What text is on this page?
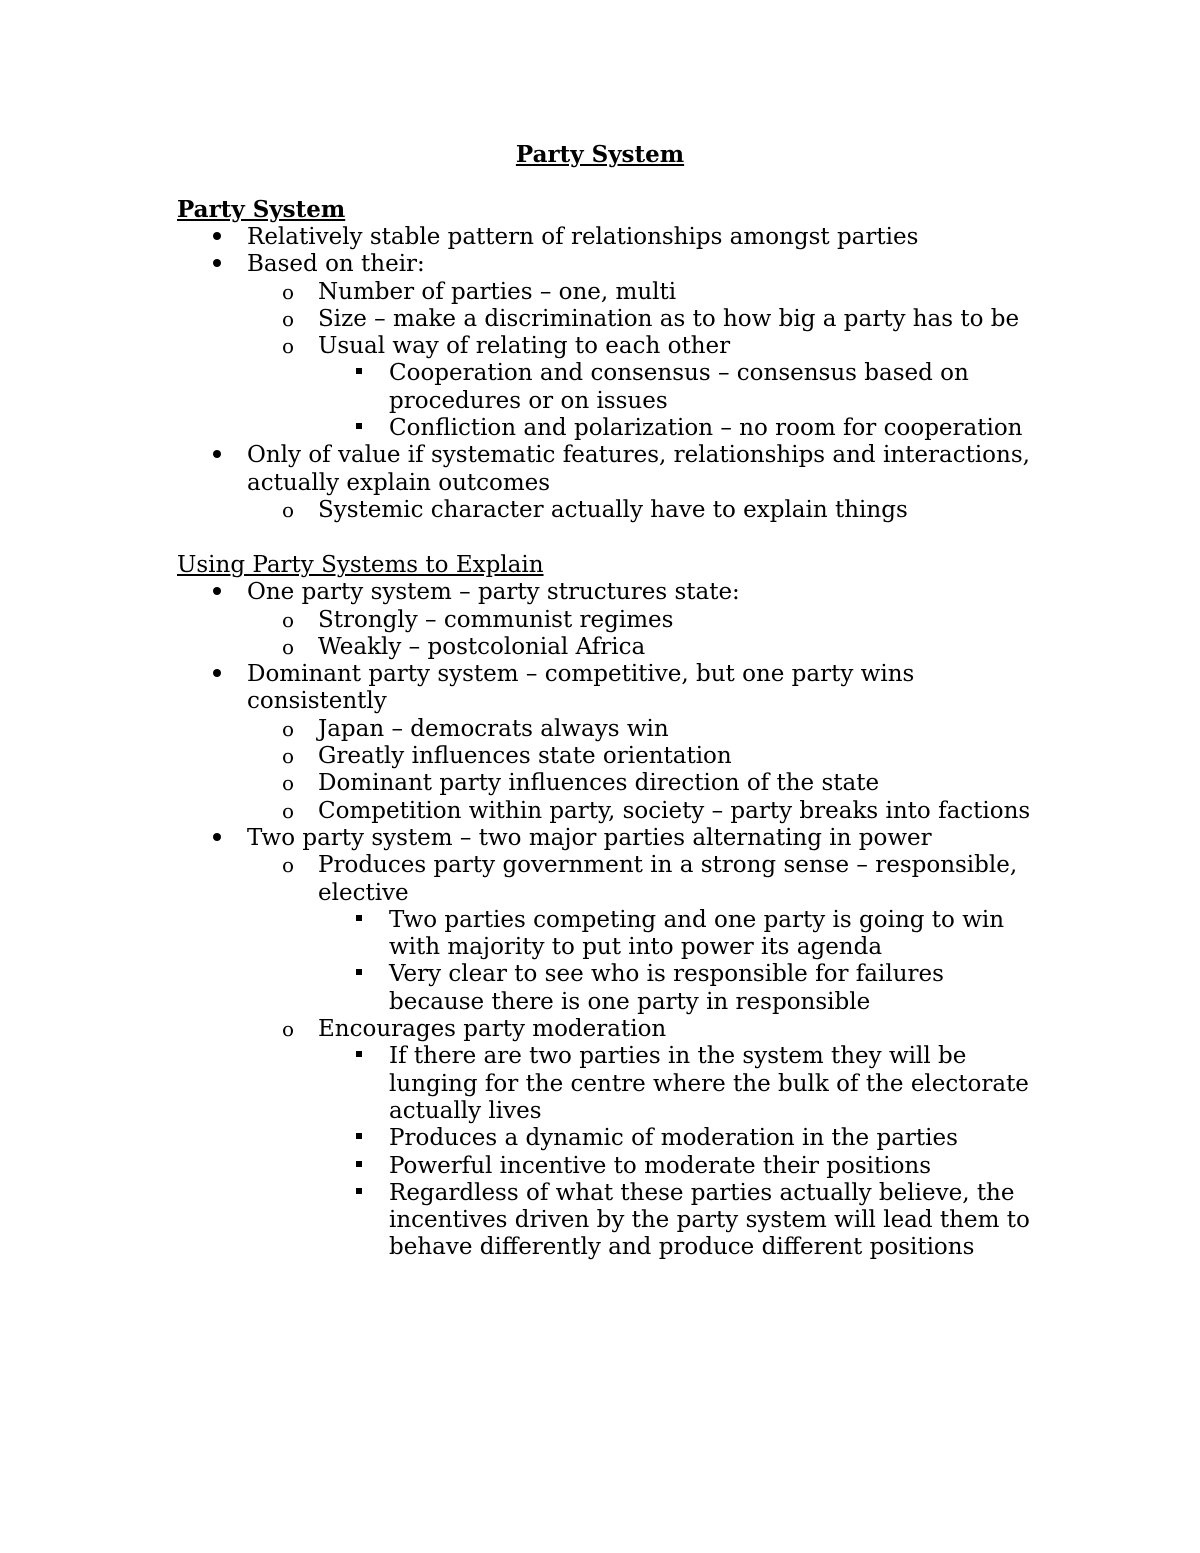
Party System
Party System
Relatively stable pattern of relationships amongst parties
Based on their:
o Number of parties – one, multi
o Size – make a discrimination as to how big a party has to be
o Usual way of relating to each other
Cooperation and consensus – consensus based on procedures or on issues
Confliction and polarization – no room for cooperation
Only of value if systematic features, relationships and interactions, actually explain outcomes
o Systemic character actually have to explain things
Using Party Systems to Explain
One party system – party structures state:
o Strongly – communist regimes
o Weakly – postcolonial Africa
Dominant party system – competitive, but one party wins consistently
o Japan – democrats always win
o Greatly influences state orientation
o Dominant party influences direction of the state
o Competition within party, society – party breaks into factions
Two party system – two major parties alternating in power
o Produces party government in a strong sense – responsible, elective
Two parties competing and one party is going to win with majority to put into power its agenda
Very clear to see who is responsible for failures because there is one party in responsible
o Encourages party moderation
If there are two parties in the system they will be lunging for the centre where the bulk of the electorate actually lives
Produces a dynamic of moderation in the parties
Powerful incentive to moderate their positions
Regardless of what these parties actually believe, the incentives driven by the party system will lead them to behave differently and produce different positions
